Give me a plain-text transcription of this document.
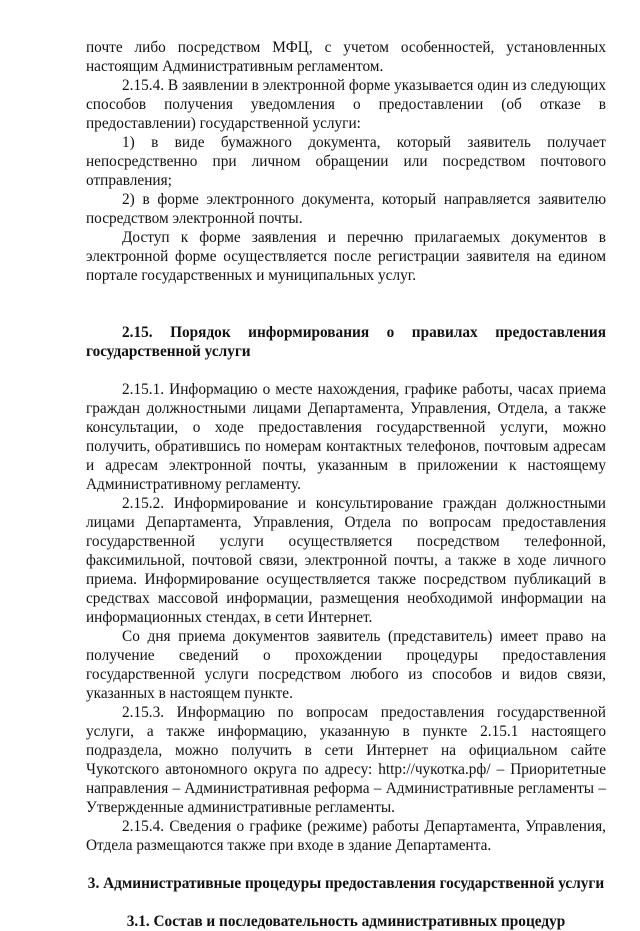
почте либо посредством МФЦ, с учетом особенностей, установленных настоящим Административным регламентом.

2.15.4. В заявлении в электронной форме указывается один из следующих способов получения уведомления о предоставлении (об отказе в предоставлении) государственной услуги:

1) в виде бумажного документа, который заявитель получает непосредственно при личном обращении или посредством почтового отправления;

2) в форме электронного документа, который направляется заявителю посредством электронной почты.

Доступ к форме заявления и перечню прилагаемых документов в электронной форме осуществляется после регистрации заявителя на едином портале государственных и муниципальных услуг.

2.15. Порядок информирования о правилах предоставления государственной услуги

2.15.1. Информацию о месте нахождения, графике работы, часах приема граждан должностными лицами Департамента, Управления, Отдела, а также консультации, о ходе предоставления государственной услуги, можно получить, обратившись по номерам контактных телефонов, почтовым адресам и адресам электронной почты, указанным в приложении к настоящему Административному регламенту.

2.15.2. Информирование и консультирование граждан должностными лицами Департамента, Управления, Отдела по вопросам предоставления государственной услуги осуществляется посредством телефонной, факсимильной, почтовой связи, электронной почты, а также в ходе личного приема. Информирование осуществляется также посредством публикаций в средствах массовой информации, размещения необходимой информации на информационных стендах, в сети Интернет.

Со дня приема документов заявитель (представитель) имеет право на получение сведений о прохождении процедуры предоставления государственной услуги посредством любого из способов и видов связи, указанных в настоящем пункте.

2.15.3. Информацию по вопросам предоставления государственной услуги, а также информацию, указанную в пункте 2.15.1 настоящего подраздела, можно получить в сети Интернет на официальном сайте Чукотского автономного округа по адресу: http://чукотка.рф/ – Приоритетные направления – Административная реформа – Административные регламенты – Утвержденные административные регламенты.

2.15.4. Сведения о графике (режиме) работы Департамента, Управления, Отдела размещаются также при входе в здание Департамента.

3. Административные процедуры предоставления государственной услуги

3.1. Состав и последовательность административных процедур
